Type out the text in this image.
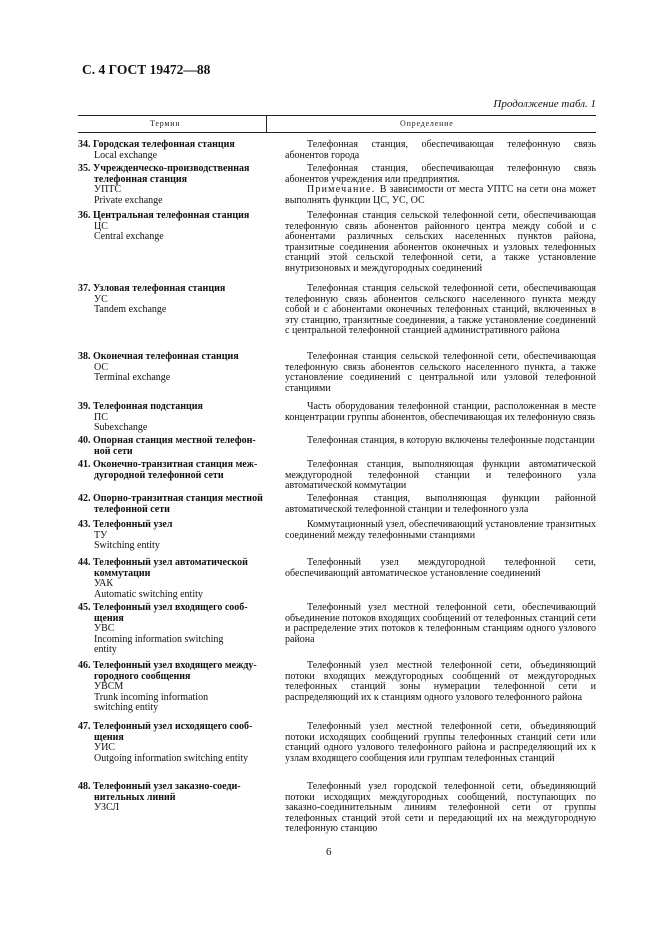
С. 4 ГОСТ 19472—88
Продолжение табл. 1
Термин	Определение
34. Городская телефонная станция
Local exchange

Телефонная станция, обеспечивающая телефонную связь абонентов города

35. Учрежденческо-производственная
телефонная станция
УПТС
Private exchange

Телефонная станция, обеспечивающая телефонную связь абонентов учреждения или предприятия.

Примечание. В зависимости от места УПТС на сети она может выполнять функции ЦС, УС, ОС

36. Центральная телефонная станция
ЦС
Central exchange

Телефонная станция сельской телефонной сети, обеспечивающая телефонную связь абонентов районного центра между собой и с абонентами различных сельских населенных пунктов района, транзитные соединения абонентов оконечных и узловых телефонных станций этой сельской телефонной сети, а также установление внутризоновых и междугородных соединений

37. Узловая телефонная станция
УС
Tandem exchange

Телефонная станция сельской телефонной сети, обеспечивающая телефонную связь абонентов сельского населенного пункта между собой и с абонентами оконечных телефонных станций, включенных в эту станцию, транзитные соединения, а также установление соединений с центральной телефонной станцией административного района

38. Оконечная телефонная станция
ОС
Terminal exchange

Телефонная станция сельской телефонной сети, обеспечивающая телефонную связь абонентов сельского населенного пункта, а также установление соединений с центральной или узловой телефонной станциями

39. Телефонная подстанция
ПС
Subexchange

Часть оборудования телефонной станции, расположенная в месте концентрации группы абонентов, обеспечивающая их телефонную связь

40. Опорная станция местной телефон-
ной сети

Телефонная станция, в которую включены телефонные подстанции

41. Оконечно-транзитная станция меж-
дугородной телефонной сети

Телефонная станция, выполняющая функции автоматической междугородной телефонной станции и телефонного узла автоматической коммутации

42. Опорно-транзитная станция местной
телефонной сети

Телефонная станция, выполняющая функции районной автоматической телефонной станции и телефонного узла

43. Телефонный узел
ТУ
Switching entity

Коммутационный узел, обеспечивающий установление транзитных соединений между телефонными станциями

44. Телефонный узел автоматической
коммутации
УАК
Automatic switching entity

Телефонный узел междугородной телефонной сети, обеспечивающий автоматическое установление соединений

45. Телефонный узел входящего сооб-
щения
УВС
Incoming information switching
entity

Телефонный узел местной телефонной сети, обеспечивающий объединение потоков входящих сообщений от телефонных станций сети и распределение этих потоков к телефонным станциям одного узлового района

46. Телефонный узел входящего между-
городного сообщения
УВСМ
Trunk incoming information
switching entity

Телефонный узел местной телефонной сети, объединяющий потоки входящих междугородных сообщений от междугородных телефонных станций зоны нумерации телефонной сети и распределяющий их к станциям одного узлового телефонного района

47. Телефонный узел исходящего сооб-
щения
УИС
Outgoing information switching entity

Телефонный узел местной телефонной сети, объединяющий потоки исходящих сообщений группы телефонных станций сети или станций одного узлового телефонного района и распределяющий их к узлам входящего сообщения или группам телефонных станций

48. Телефонный узел заказно-соеди-
нительных линий
УЗСЛ

Телефонный узел городской телефонной сети, объединяющий потоки исходящих междугородных сообщений, поступающих по заказно-соединительным линиям телефонной сети от группы телефонных станций этой сети и передающий их на междугородную телефонную станцию

6
